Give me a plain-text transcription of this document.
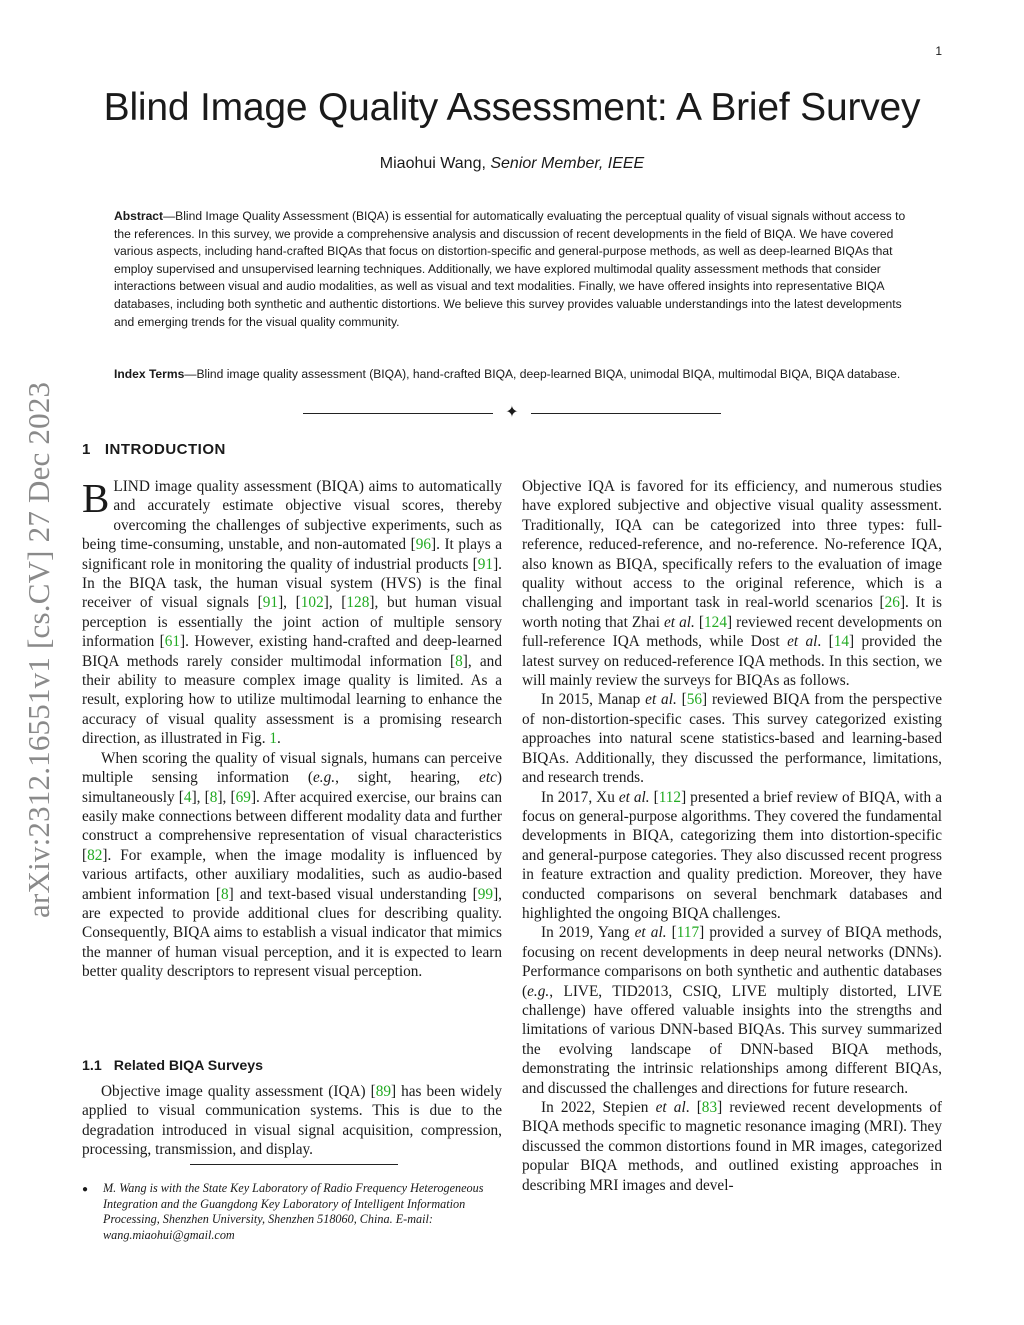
1
arXiv:2312.16551v1 [cs.CV] 27 Dec 2023
Blind Image Quality Assessment: A Brief Survey
Miaohui Wang, Senior Member, IEEE
Abstract—Blind Image Quality Assessment (BIQA) is essential for automatically evaluating the perceptual quality of visual signals without access to the references. In this survey, we provide a comprehensive analysis and discussion of recent developments in the field of BIQA. We have covered various aspects, including hand-crafted BIQAs that focus on distortion-specific and general-purpose methods, as well as deep-learned BIQAs that employ supervised and unsupervised learning techniques. Additionally, we have explored multimodal quality assessment methods that consider interactions between visual and audio modalities, as well as visual and text modalities. Finally, we have offered insights into representative BIQA databases, including both synthetic and authentic distortions. We believe this survey provides valuable understandings into the latest developments and emerging trends for the visual quality community.
Index Terms—Blind image quality assessment (BIQA), hand-crafted BIQA, deep-learned BIQA, unimodal BIQA, multimodal BIQA, BIQA database.
✦
1 INTRODUCTION

BLIND image quality assessment (BIQA) aims to automatically and accurately estimate objective visual scores, thereby overcoming the challenges of subjective experiments, such as being time-consuming, unstable, and non-automated [96]. It plays a significant role in monitoring the quality of industrial products [91]. In the BIQA task, the human visual system (HVS) is the final receiver of visual signals [91], [102], [128], but human visual perception is essentially the joint action of multiple sensory information [61]. However, existing hand-crafted and deep-learned BIQA methods rarely consider multimodal information [8], and their ability to measure complex image quality is limited. As a result, exploring how to utilize multimodal learning to enhance the accuracy of visual quality assessment is a promising research direction, as illustrated in Fig. 1.

When scoring the quality of visual signals, humans can perceive multiple sensing information (e.g., sight, hearing, etc) simultaneously [4], [8], [69]. After acquired exercise, our brains can easily make connections between different modality data and further construct a comprehensive representation of visual characteristics [82]. For example, when the image modality is influenced by various artifacts, other auxiliary modalities, such as audio-based ambient information [8] and text-based visual understanding [99], are expected to provide additional clues for describing quality. Consequently, BIQA aims to establish a visual indicator that mimics the manner of human visual perception, and it is expected to learn better quality descriptors to represent visual perception.

1.1 Related BIQA Surveys

Objective image quality assessment (IQA) [89] has been widely applied to visual communication systems. This is due to the degradation introduced in visual signal acquisition, compression, processing, transmission, and display.

● M. Wang is with the State Key Laboratory of Radio Frequency Heterogeneous Integration and the Guangdong Key Laboratory of Intelligent Information Processing, Shenzhen University, Shenzhen 518060, China. E-mail: wang.miaohui@gmail.com

Objective IQA is favored for its efficiency, and numerous studies have explored subjective and objective visual quality assessment. Traditionally, IQA can be categorized into three types: full-reference, reduced-reference, and no-reference. No-reference IQA, also known as BIQA, specifically refers to the evaluation of image quality without access to the original reference, which is a challenging and important task in real-world scenarios [26]. It is worth noting that Zhai et al. [124] reviewed recent developments on full-reference IQA methods, while Dost et al. [14] provided the latest survey on reduced-reference IQA methods. In this section, we will mainly review the surveys for BIQAs as follows.

In 2015, Manap et al. [56] reviewed BIQA from the perspective of non-distortion-specific cases. This survey categorized existing approaches into natural scene statistics-based and learning-based BIQAs. Additionally, they discussed the performance, limitations, and research trends.

In 2017, Xu et al. [112] presented a brief review of BIQA, with a focus on general-purpose algorithms. They covered the fundamental developments in BIQA, categorizing them into distortion-specific and general-purpose categories. They also discussed recent progress in feature extraction and quality prediction. Moreover, they have conducted comparisons on several benchmark databases and highlighted the ongoing BIQA challenges.

In 2019, Yang et al. [117] provided a survey of BIQA methods, focusing on recent developments in deep neural networks (DNNs). Performance comparisons on both synthetic and authentic databases (e.g., LIVE, TID2013, CSIQ, LIVE multiply distorted, LIVE challenge) have offered valuable insights into the strengths and limitations of various DNN-based BIQAs. This survey summarized the evolving landscape of DNN-based BIQA methods, demonstrating the intrinsic relationships among different BIQAs, and discussed the challenges and directions for future research.

In 2022, Stepien et al. [83] reviewed recent developments of BIQA methods specific to magnetic resonance imaging (MRI). They discussed the common distortions found in MR images, categorized popular BIQA methods, and outlined existing approaches in describing MRI images and devel-
